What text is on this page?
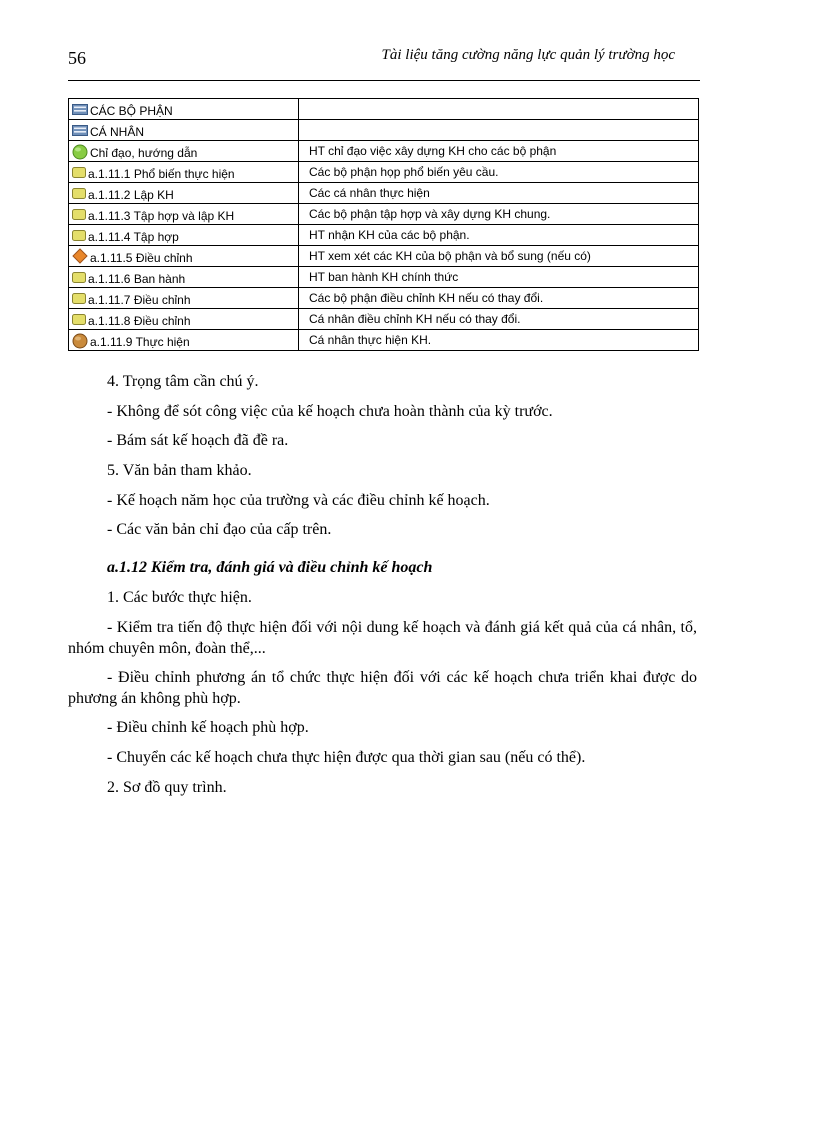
56	Tài liệu tăng cường năng lực quản lý trường học
CÁC BỘ PHẬN	

CÁ NHÂN	

Chỉ đạo, hướng dẫn	HT chỉ đạo việc xây dựng KH cho các bộ phận

a.1.11.1 Phổ biến thực hiện	Các bộ phận họp phổ biến yêu cầu.

a.1.11.2 Lập KH	Các cá nhân thực hiện

a.1.11.3 Tập hợp và lập KH	Các bộ phận tập hợp và xây dựng KH chung.

a.1.11.4 Tập hợp	HT nhận KH của các bộ phận.

a.1.11.5 Điều chỉnh	HT xem xét các KH của bộ phận và bổ sung (nếu có)

a.1.11.6 Ban hành	HT ban hành KH chính thức

a.1.11.7 Điều chỉnh	Các bộ phận điều chỉnh KH nếu có thay đổi.

a.1.11.8 Điều chỉnh	Cá nhân điều chỉnh KH nếu có thay đổi.

a.1.11.9 Thực hiện	Cá nhân thực hiện KH.

4. Trọng tâm cần chú ý.

- Không để sót công việc của kế hoạch chưa hoàn thành của kỳ trước.

- Bám sát kế hoạch đã đề ra.

5. Văn bản tham khảo.

- Kế hoạch năm học của trường và các điều chỉnh kế hoạch.

- Các văn bản chỉ đạo của cấp trên.

a.1.12 Kiểm tra, đánh giá và điều chỉnh kế hoạch

1. Các bước thực hiện.

- Kiểm tra tiến độ thực hiện đối với nội dung kế hoạch và đánh giá kết quả của cá nhân, tổ, nhóm chuyên môn, đoàn thể,...

- Điều chỉnh phương án tổ chức thực hiện đối với các kế hoạch chưa triển khai được do phương án không phù hợp.

- Điều chỉnh kế hoạch phù hợp.

- Chuyển các kế hoạch chưa thực hiện được qua thời gian sau (nếu có thể).

2. Sơ đồ quy trình.
